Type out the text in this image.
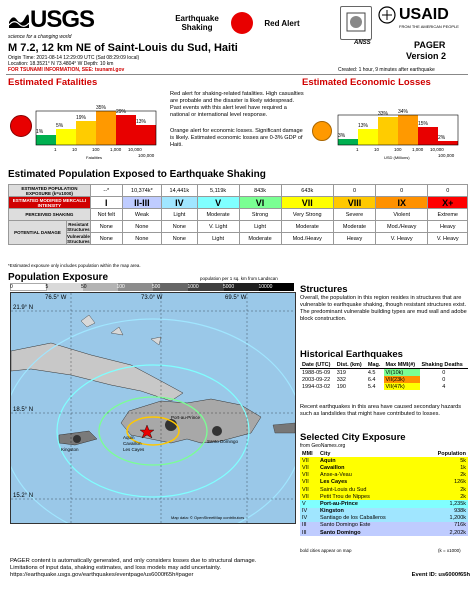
USGS
science for a changing world
Earthquake Shaking	Red Alert	USAID
FROM THE AMERICAN PEOPLE
ANSS	PAGER
Version 2
M 7.2, 12 km NE of Saint-Louis du Sud, Haiti
Origin Time: 2021-08-14 12:29:09 UTC (Sat 08:29:09 local)
Location: 18.3521° N 73.4804° W Depth: 10 km
FOR TSUNAMI INFORMATION, SEE: tsunami.gov	Created: 1 hour, 9 minutes after earthquake
Estimated Fatalities	Estimated Economic Losses
1%
5%
19%
35%
29%
13%
1	10	100 1,000 10,000
100,000
Fatalities
Red alert for shaking-related fatalities. High casualties are probable and the disaster is likely widespread. Past events with this alert level have required a national or international level response.
Orange alert for economic losses. Significant damage is likely. Estimated economic losses are 0-3% GDP of Haiti.
3%
13%
33% 34%
15%
2%
1	10	100 1,000 10,000
100,000
USD (Millions)
Estimated Population Exposed to Earthquake Shaking
ESTIMATED POPULATION EXPOSURE (k=x1000)		--*	10,374k*	14,441k	5,119k	843k	643k	0	0	0
ESTIMATED MODIFIED MERCALLI INTENSITY		I	II-III	IV	V	VI	VII	VIII	IX	X+
PERCEIVED SHAKING		Not felt	Weak	Light	Moderate	Strong	Very Strong	Severe	Violent	Extreme
POTENTIAL DAMAGE	Resistant Structures	None	None	None	V. Light	Light	Moderate	Moderate	Mod./Heavy	Heavy
	Vulnerable Structures	None	None	None	Light	Moderate	Mod./Heavy	Heavy	V. Heavy	V. Heavy
*Estimated exposure only includes population within the map area.
Population Exposure	population per 1 sq. km from Landscan
0	5	50	100	500	1000	5000	10000
76.5° W	73.0° W	69.5° W
21.9° N
18.5° N
15.2° N
Aquin
Cavaillon
Les Cayes
Kingston
Port-au-Prince
Santo Domingo
Map data: © OpenStreetMap contributors
Structures
Overall, the population in this region resides in structures that are vulnerable to earthquake shaking, though resistant structures exist. The predominant vulnerable building types are mud wall and adobe block construction.
Historical Earthquakes
Date (UTC)	Dist. (km)	Mag.	Max MMI(#)	Shaking Deaths
1988-05-09	319	4.5	VI(10k)	0
2003-09-22	332	6.4	VII(23k)	0
1994-03-02	190	5.4	VII(47k)	4
Recent earthquakes in this area have caused secondary hazards such as landslides that might have contributed to losses.
Selected City Exposure
from GeoNames.org
MMI	City	Population
VII	Aquin	5k
VII	Cavaillon	1k
VII	Anse-a-Veau	2k
VII	Les Cayes	126k
VII	Saint-Louis du Sud	2k
VII	Petit Trou de Nippes	2k
V	Port-au-Prince	1,235k
IV	Kingston	938k
IV	Santiago de los Caballeros	1,200k
III	Santo Domingo Este	716k
III	Santo Domingo	2,202k
bold cities appear on map	(k = x1000)
PAGER content is automatically generated, and only considers losses due to structural damage.
Limitations of input data, shaking estimates, and loss models may add uncertainty.
https://earthquake.usgs.gov/earthquakes/eventpage/us6000f65h#pager	Event ID: us6000f65h
